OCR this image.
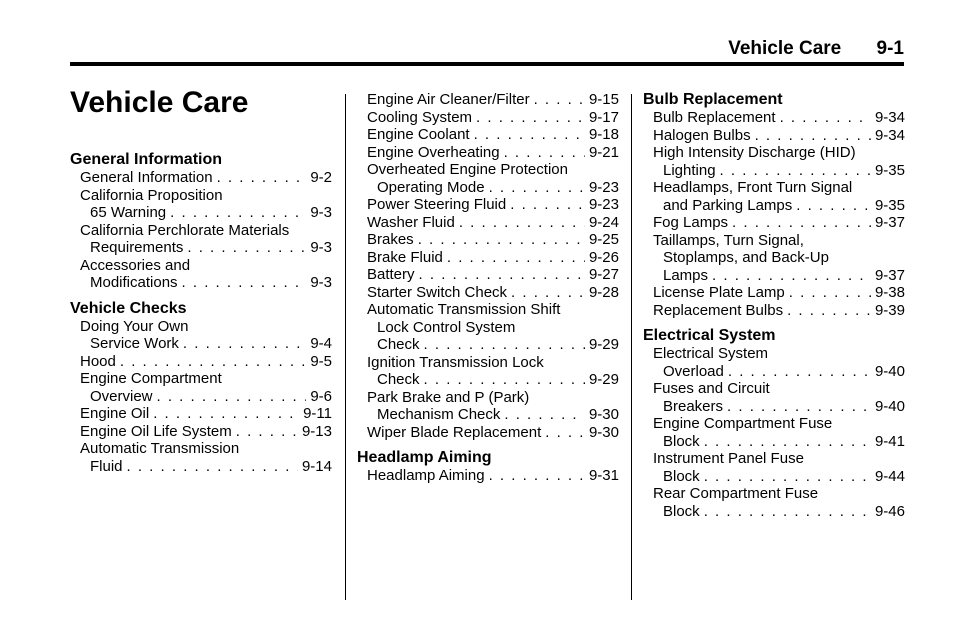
Vehicle Care 9-1
Vehicle Care
General Information
General Information . . .	9-2
California Proposition
65 Warning . . .	9-3
California Perchlorate Materials
Requirements . . .	9-3
Accessories and
Modifications . . .	9-3
Vehicle Checks
Doing Your Own
Service Work . . .	9-4
Hood . . .	9-5
Engine Compartment
Overview . . .	9-6
Engine Oil . . .	9-11
Engine Oil Life System . . .	9-13
Automatic Transmission
Fluid . . .	9-14
Engine Air Cleaner/Filter . . .	9-15
Cooling System . . .	9-17
Engine Coolant . . .	9-18
Engine Overheating . . .	9-21
Overheated Engine Protection
Operating Mode . . .	9-23
Power Steering Fluid . . .	9-23
Washer Fluid . . .	9-24
Brakes . . .	9-25
Brake Fluid . . .	9-26
Battery . . .	9-27
Starter Switch Check . . .	9-28
Automatic Transmission Shift
Lock Control System
Check . . .	9-29
Ignition Transmission Lock
Check . . .	9-29
Park Brake and P (Park)
Mechanism Check . . .	9-30
Wiper Blade Replacement . . .	9-30
Headlamp Aiming
Headlamp Aiming . . .	9-31
Bulb Replacement
Bulb Replacement . . .	9-34
Halogen Bulbs . . .	9-34
High Intensity Discharge (HID)
Lighting . . .	9-35
Headlamps, Front Turn Signal
and Parking Lamps . . .	9-35
Fog Lamps . . .	9-37
Taillamps, Turn Signal,
Stoplamps, and Back-Up
Lamps . . .	9-37
License Plate Lamp . . .	9-38
Replacement Bulbs . . .	9-39
Electrical System
Electrical System
Overload . . .	9-40
Fuses and Circuit
Breakers . . .	9-40
Engine Compartment Fuse
Block . . .	9-41
Instrument Panel Fuse
Block . . .	9-44
Rear Compartment Fuse
Block . . .	9-46
